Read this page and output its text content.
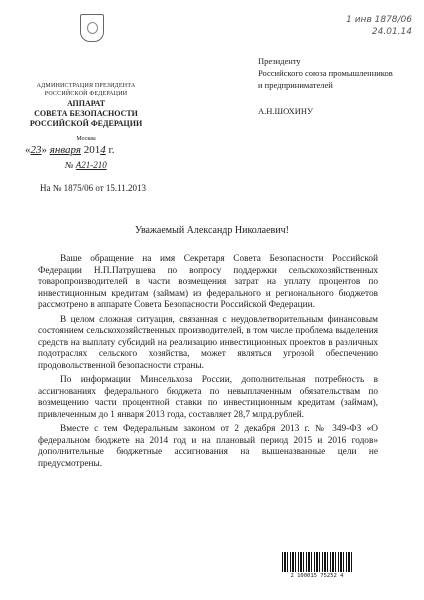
1 инв 1878/06
24.01.14
АДМИНИСТРАЦИЯ ПРЕЗИДЕНТА
РОССИЙСКОЙ ФЕДЕРАЦИИ
АППАРАТ
СОВЕТА БЕЗОПАСНОСТИ
РОССИЙСКОЙ ФЕДЕРАЦИИ
Москва
«23» января 2014 г.
№ А21-210
На № 1875/06 от 15.11.2013
Президенту
Российского союза промышленников
и предпринимателей
А.Н.ШОХИНУ
Уважаемый Александр Николаевич!

Ваше обращение на имя Секретаря Совета Безопасности Российской Федерации Н.П.Патрушева по вопросу поддержки сельскохозяйственных товаропроизводителей в части возмещения затрат на уплату процентов по инвестиционным кредитам (займам) из федерального и регионального бюджетов рассмотрено в аппарате Совета Безопасности Российской Федерации.

В целом сложная ситуация, связанная с неудовлетворительным финансовым состоянием сельскохозяйственных производителей, в том числе проблема выделения средств на выплату субсидий на реализацию инвестиционных проектов в различных подотраслях сельского хозяйства, может являться угрозой обеспечению продовольственной безопасности страны.

По информации Минсельхоза России, дополнительная потребность в ассигнованиях федерального бюджета по невыплаченным обязательствам по возмещению части процентной ставки по инвестиционным кредитам (займам), привлеченным до 1 января 2013 года, составляет 28,7 млрд.рублей.

Вместе с тем Федеральным законом от 2 декабря 2013 г. № 349-ФЗ «О федеральном бюджете на 2014 год и на плановый период 2015 и 2016 годов» дополнительные бюджетные ассигнования на вышеназванные цели не предусмотрены.

2 100015 75252 4
